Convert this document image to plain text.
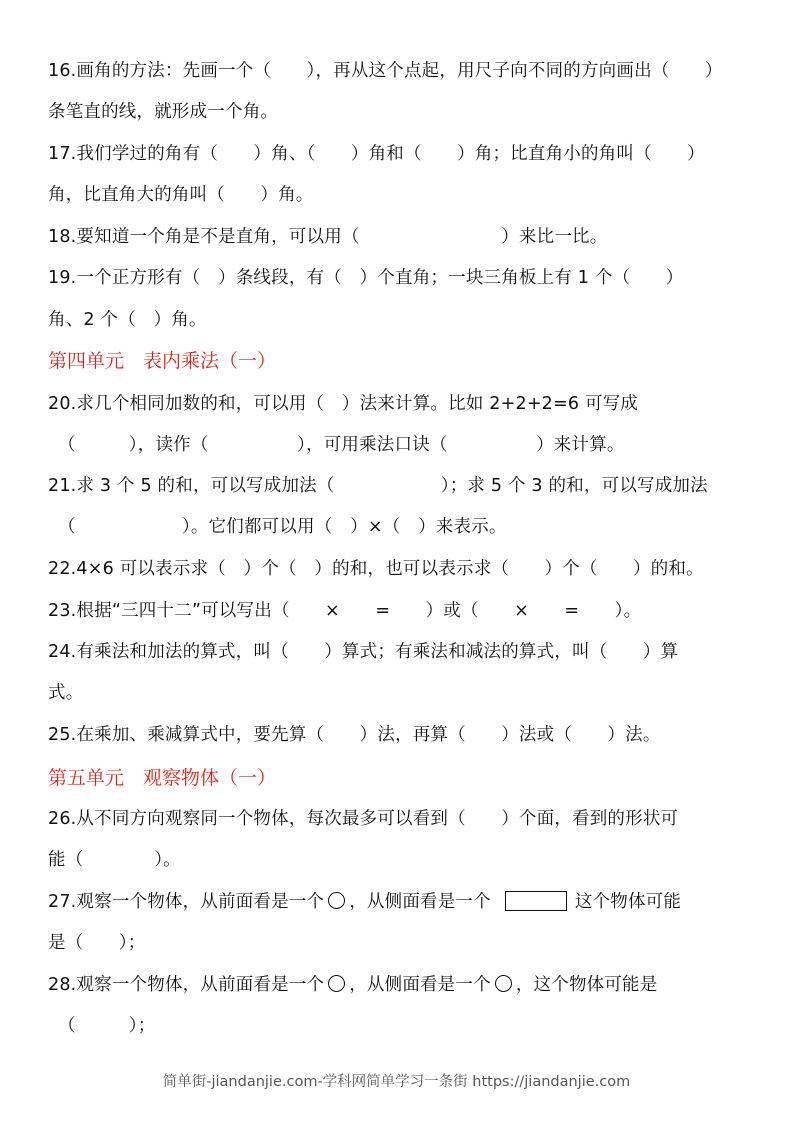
16.画角的方法：先画一个（　　），再从这个点起，用尺子向不同的方向画出（　　）
条笔直的线，就形成一个角。
17.我们学过的角有（　　）角、（　　）角和（　　）角；比直角小的角叫（　　）
角，比直角大的角叫（　　）角。
18.要知道一个角是不是直角，可以用（　　　　　　　　）来比一比。
19.一个正方形有（　）条线段，有（　）个直角；一块三角板上有 1 个（　　）
角、2 个（　）角。
第四单元　表内乘法（一）
20.求几个相同加数的和，可以用（　）法来计算。比如 2+2+2=6 可写成
（　　　），读作（　　　　　），可用乘法口诀（　　　　　）来计算。
21.求 3 个 5 的和，可以写成加法（　　　　　　）；求 5 个 3 的和，可以写成加法
（　　　　　　）。它们都可以用（　）×（　）来表示。
22.4×6 可以表示求（　）个（　）的和，也可以表示求（　　）个（　　）的和。
23.根据“三四十二”可以写出（　　×　　=　　）或（　　×　　=　　）。
24.有乘法和加法的算式，叫（　　）算式；有乘法和减法的算式，叫（　　）算
式。
25.在乘加、乘减算式中，要先算（　　）法，再算（　　）法或（　　）法。
第五单元　观察物体（一）
26.从不同方向观察同一个物体，每次最多可以看到（　　）个面，看到的形状可
能（　　　　）。
27.观察一个物体，从前面看是一个 ，从侧面看是一个	这个物体可能
是（　　）；
28.观察一个物体，从前面看是一个 ，从侧面看是一个 ，这个物体可能是
（　　　）；
简单街-jiandanjie.com-学科网简单学习一条街 https://jiandanjie.com
